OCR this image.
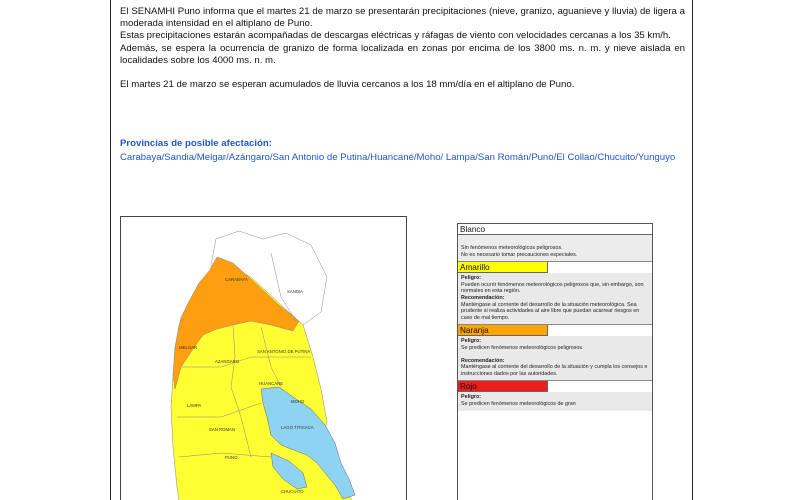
El SENAMHI Puno informa que el martes 21 de marzo se presentarán precipitaciones (nieve, granizo, aguanieve y lluvia) de ligera a moderada intensidad en el altiplano de Puno.

Estas precipitaciones estarán acompañadas de descargas eléctricas y ráfagas de viento con velocidades cercanas a los 35 km/h.

Además, se espera la ocurrencia de granizo de forma localizada en zonas por encima de los 3800 ms. n. m. y nieve aislada en localidades sobre los 4000 ms. n. m.

El martes 21 de marzo se esperan acumulados de lluvia cercanos a los 18 mm/día en el altiplano de Puno.

Provincias de posible afectación:
Carabaya/Sandia/Melgar/Azángaro/San Antonio de Putina/Huancané/Moho/ Lampa/San Román/Puno/El Collao/Chucuito/Yunguyo
CARABAYA
SANDIA
MELGAR
AZANGARO
SAN ANTONIO DE PUTINA
HUANCANE
MOHO
LAMPA
SAN ROMAN	LAGO TITICACA
PUNO
CHUCUITO
Blanco
Sin fenómenos meteorológicos peligrosos.
No es necesario tomar precauciones especiales.
Amarillo
Peligro:
Pueden ocurrir fenómenos meteorológicos peligrosos que, sin embargo, son normales en esta región.
Recomendación:
Manténgase al corriente del desarrollo de la situación meteorológica. Sea prudente si realiza actividades al aire libre que puedan acarrear riesgos en caso de mal tiempo.
Naranja
Peligro:
Se predicen fenómenos meteorológicos peligrosos.
Recomendación:
Manténgase al corriente del desarrollo de la situación y cumpla los consejos e instrucciones dados por las autoridades.
Rojo
Peligro:
Se predicen fenómenos meteorológicos de gran
